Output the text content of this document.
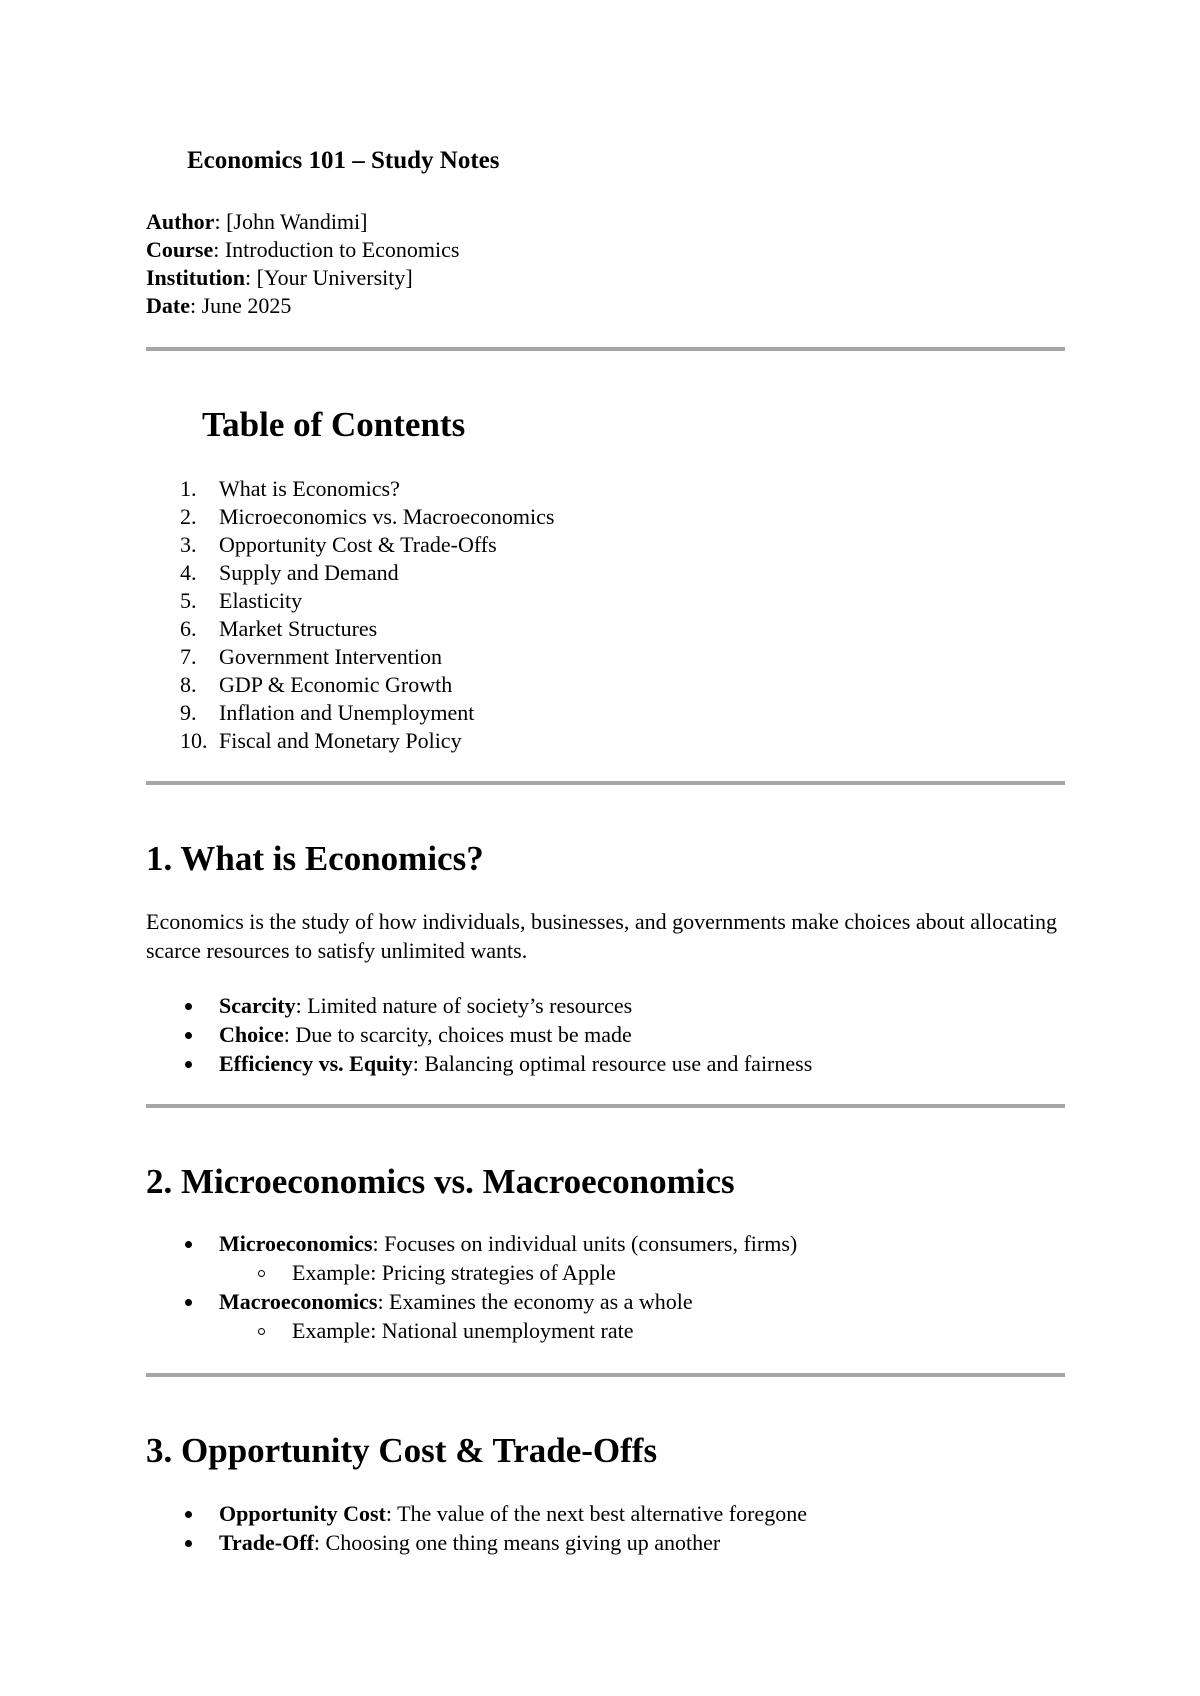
Economics 101 – Study Notes
Author: [John Wandimi]
Course: Introduction to Economics
Institution: [Your University]
Date: June 2025
Table of Contents
1.	What is Economics?
2.	Microeconomics vs. Macroeconomics
3.	Opportunity Cost & Trade-Offs
4.	Supply and Demand
5.	Elasticity
6.	Market Structures
7.	Government Intervention
8.	GDP & Economic Growth
9.	Inflation and Unemployment
10. Fiscal and Monetary Policy
1. What is Economics?
Economics is the study of how individuals, businesses, and governments make choices about allocating scarce resources to satisfy unlimited wants.
Scarcity: Limited nature of society’s resources
Choice: Due to scarcity, choices must be made
Efficiency vs. Equity: Balancing optimal resource use and fairness
2. Microeconomics vs. Macroeconomics
Microeconomics: Focuses on individual units (consumers, firms)
Example: Pricing strategies of Apple
Macroeconomics: Examines the economy as a whole
Example: National unemployment rate
3. Opportunity Cost & Trade-Offs
Opportunity Cost: The value of the next best alternative foregone
Trade-Off: Choosing one thing means giving up another
